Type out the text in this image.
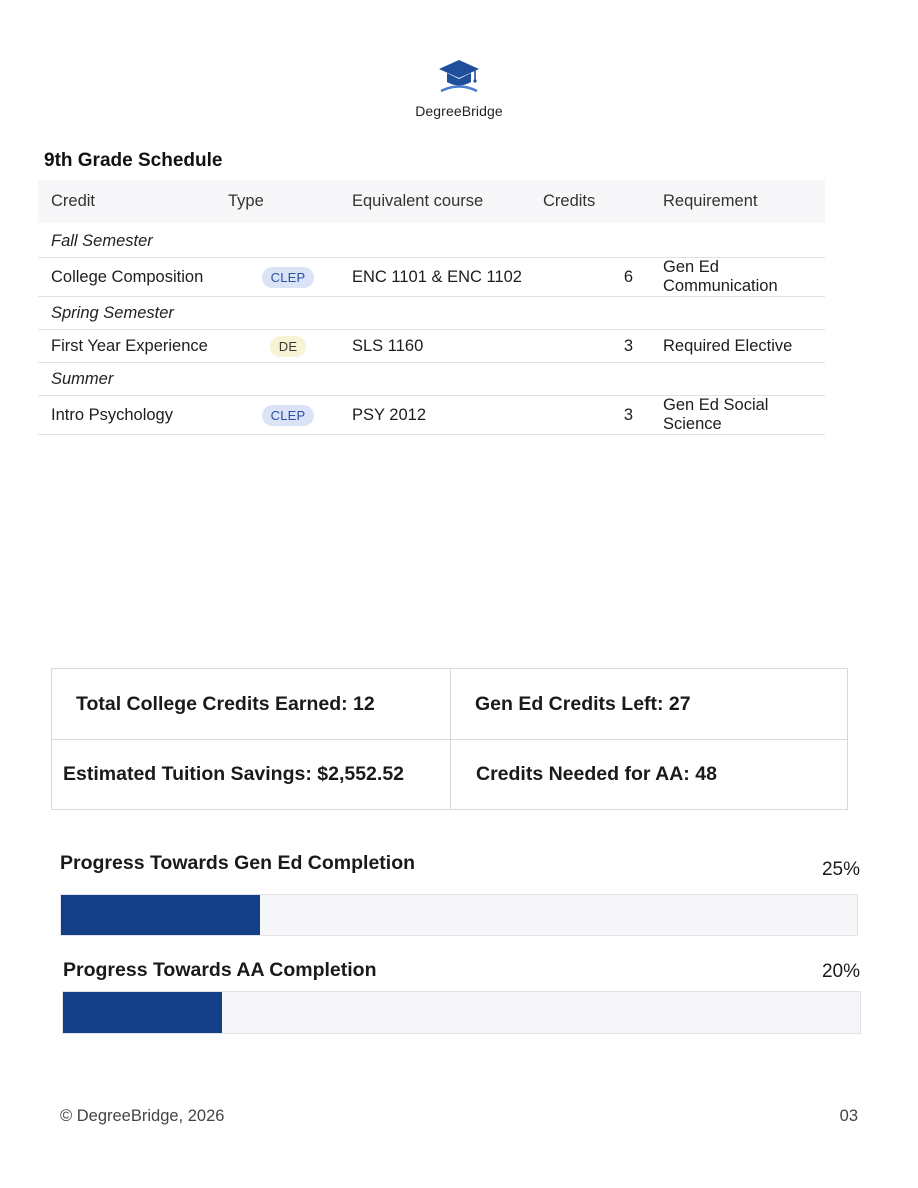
DegreeBridge
9th Grade Schedule
Credit	Type	Equivalent course	Credits	Requirement
Fall Semester				
College Composition	CLEP	ENC 1101 & ENC 1102	6	Gen Ed Communication
Spring Semester				
First Year Experience	DE	SLS 1160	3	Required Elective
Summer				
Intro Psychology	CLEP	PSY 2012	3	Gen Ed Social Science
Total College Credits Earned: 12	Gen Ed Credits Left: 27
Estimated Tuition Savings: $2,552.52	Credits Needed for AA: 48
Progress Towards Gen Ed Completion	25%
Progress Towards AA Completion	20%
© DegreeBridge, 2026	03
